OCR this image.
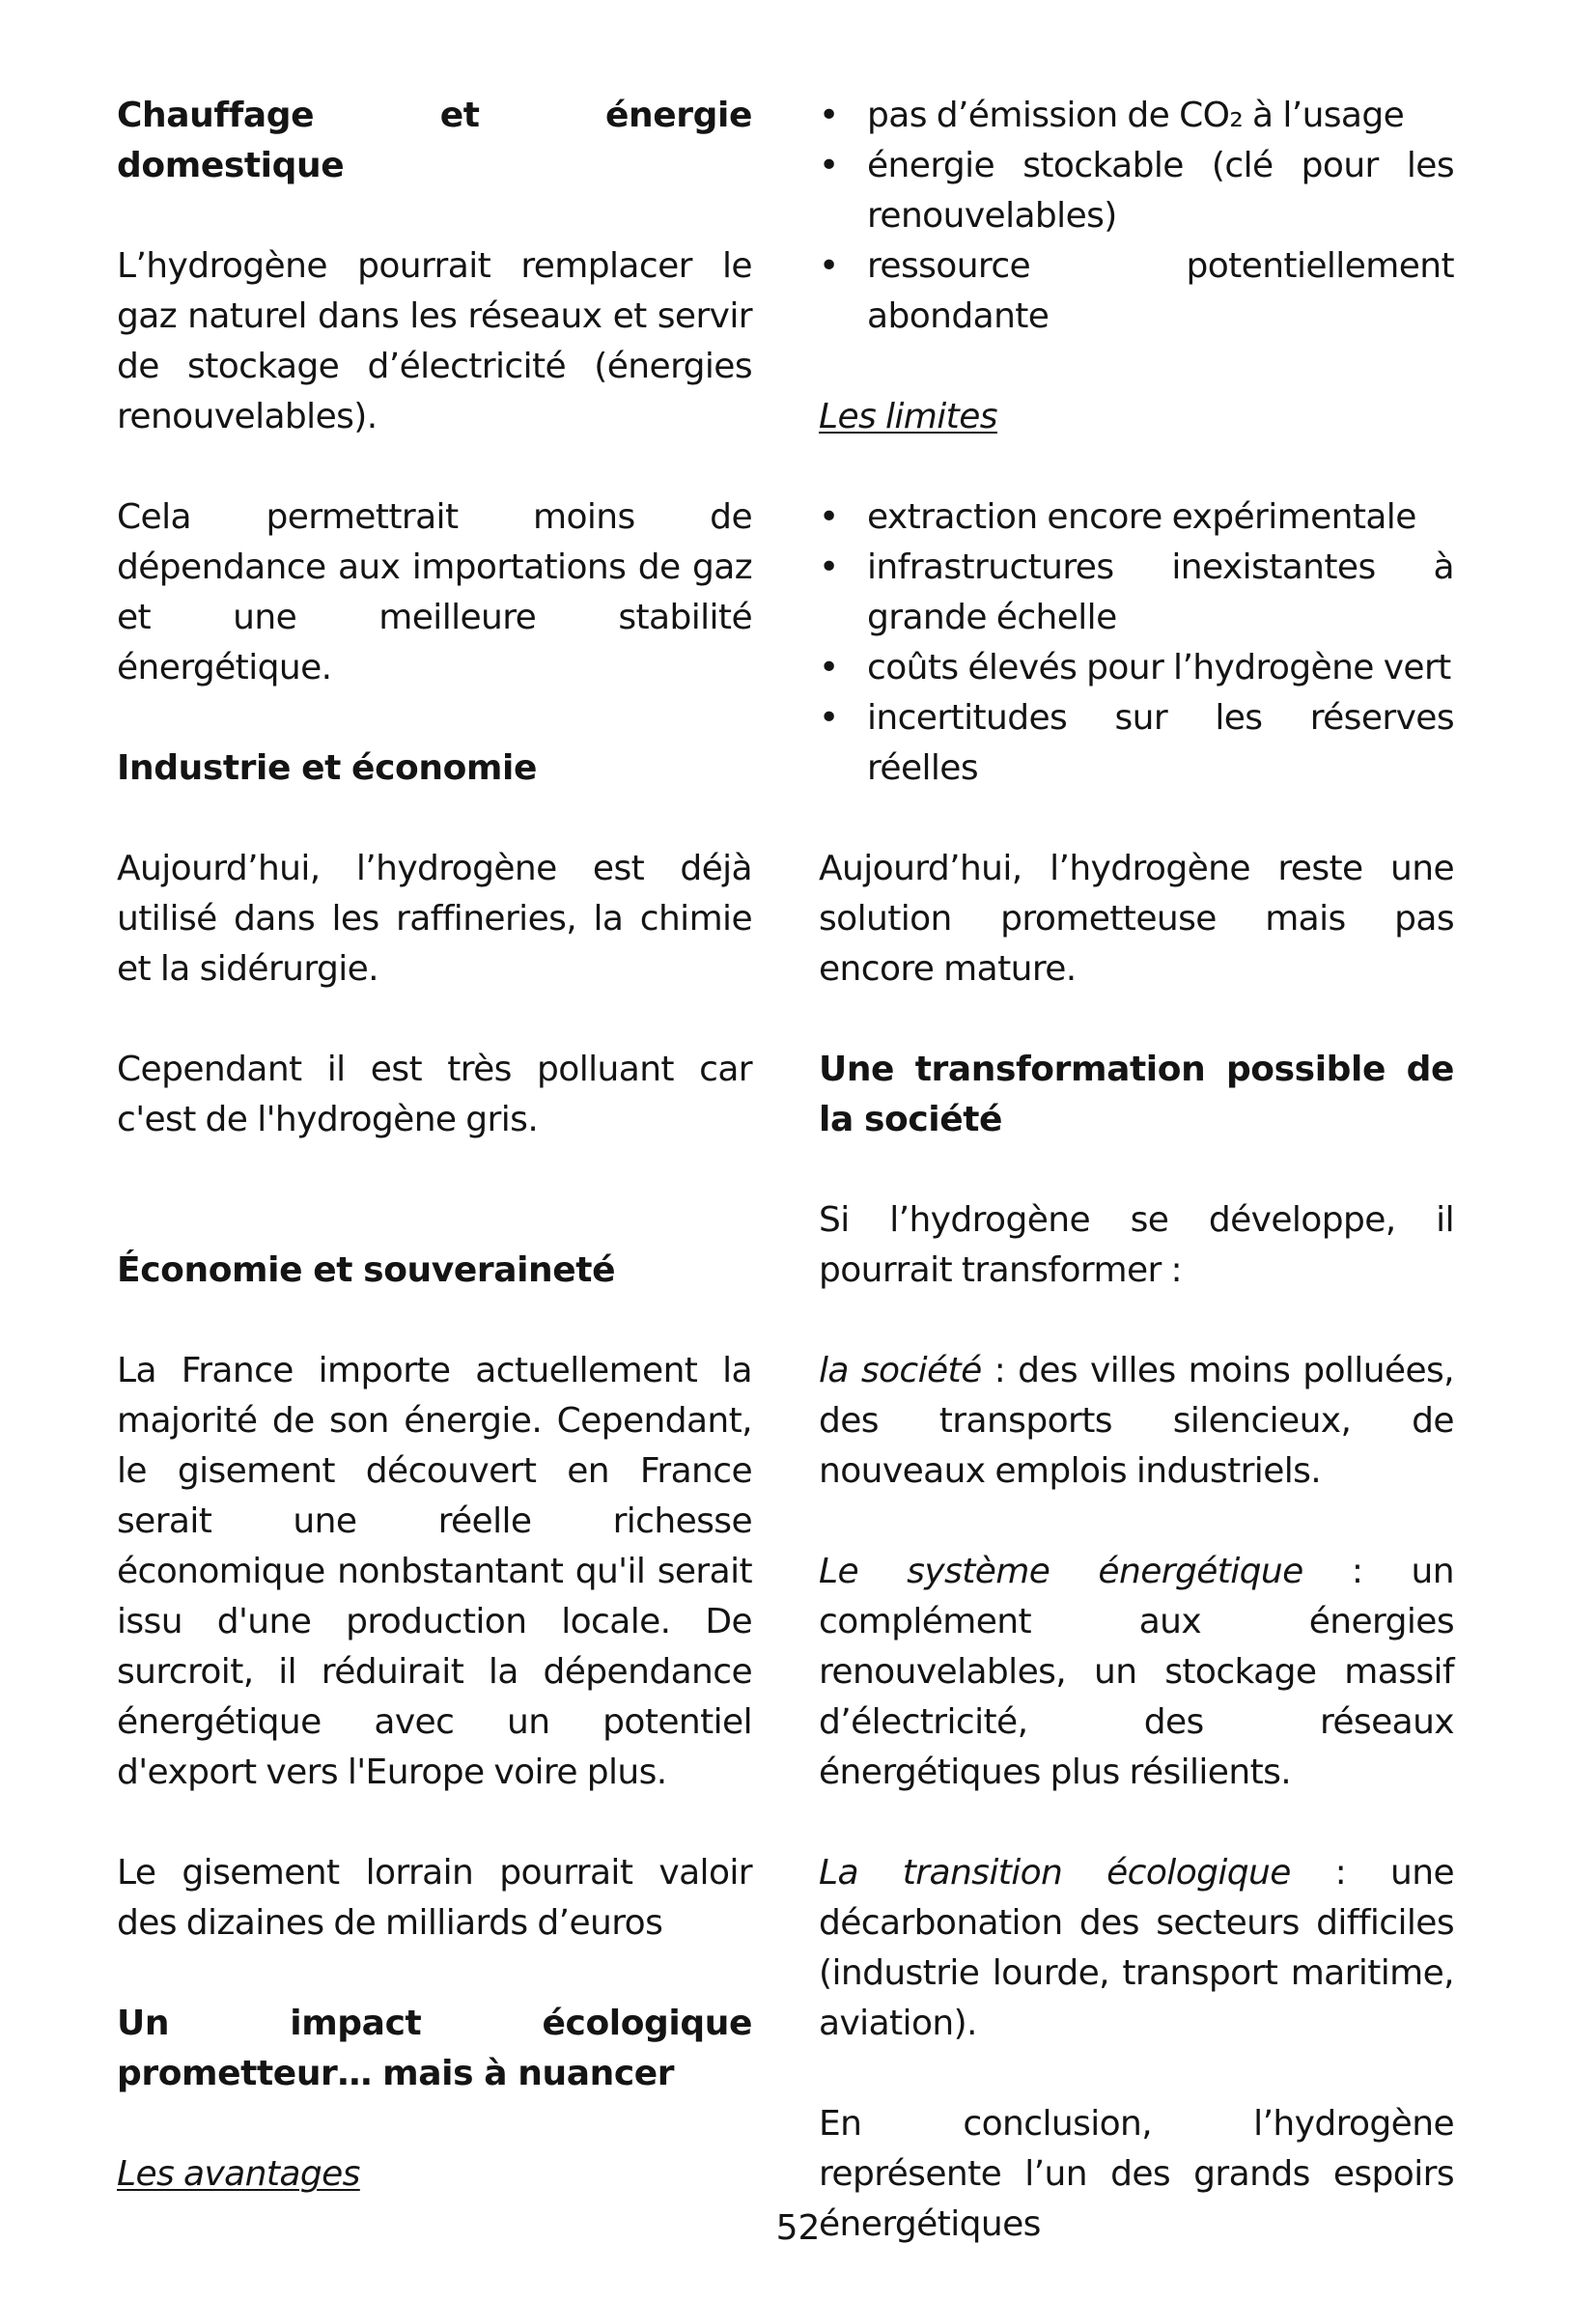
Chauffage et énergie domestique
L’hydrogène pourrait remplacer le gaz naturel dans les réseaux et servir de stockage d’électricité (énergies renouvelables).
Cela permettrait moins de dépendance aux importations de gaz et une meilleure stabilité énergétique.
Industrie et économie
Aujourd’hui, l’hydrogène est déjà utilisé dans les raffineries, la chimie et la sidérurgie.
Cependant il est très polluant car c'est de l'hydrogène gris.
Économie et souveraineté
La France importe actuellement la majorité de son énergie. Cependant, le gisement découvert en France serait une réelle richesse économique nonbstantant qu'il serait issu d'une production locale. De surcroit, il réduirait la dépendance énergétique avec un potentiel d'export vers l'Europe voire plus.
Le gisement lorrain pourrait valoir des dizaines de milliards d’euros
Un impact écologique prometteur… mais à nuancer
Les avantages
• pas d’émission de CO₂ à l’usage
• énergie stockable (clé pour les renouvelables)
• ressource potentiellement abondante
Les limites
• extraction encore expérimentale
• infrastructures inexistantes à grande échelle
• coûts élevés pour l’hydrogène vert
• incertitudes sur les réserves réelles
Aujourd’hui, l’hydrogène reste une solution prometteuse mais pas encore mature.
Une transformation possible de la société
Si l’hydrogène se développe, il pourrait transformer :
la société : des villes moins polluées, des transports silencieux, de nouveaux emplois industriels.
Le système énergétique : un complément aux énergies renouvelables, un stockage massif d’électricité, des réseaux énergétiques plus résilients.
La transition écologique : une décarbonation des secteurs difficiles (industrie lourde, transport maritime, aviation).
En conclusion, l’hydrogène représente l’un des grands espoirs énergétiques
52
